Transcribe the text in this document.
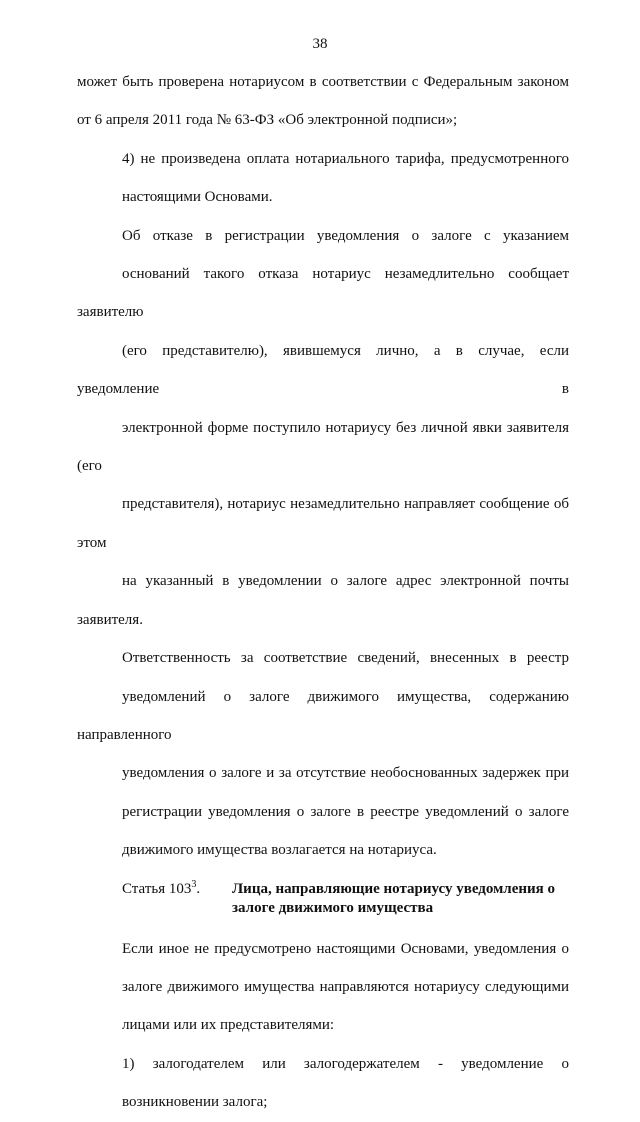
38

может быть проверена нотариусом в соответствии с Федеральным законом
от 6 апреля 2011 года № 63-ФЗ «Об электронной подписи»;

4) не произведена оплата нотариального тарифа, предусмотренного
настоящими Основами.

Об отказе в регистрации уведомления о залоге с указанием
оснований такого отказа нотариус незамедлительно сообщает заявителю
(его представителю), явившемуся лично, а в случае, если уведомление в
электронной форме поступило нотариусу без личной явки заявителя (его
представителя), нотариус незамедлительно направляет сообщение об этом
на указанный в уведомлении о залоге адрес электронной почты заявителя.

Ответственность за соответствие сведений, внесенных в реестр
уведомлений о залоге движимого имущества, содержанию направленного
уведомления о залоге и за отсутствие необоснованных задержек при
регистрации уведомления о залоге в реестре уведомлений о залоге
движимого имущества возлагается на нотариуса.

Статья $103^3$. Лица, направляющие нотариусу уведомления о
залоге движимого имущества

Если иное не предусмотрено настоящими Основами, уведомления о
залоге движимого имущества направляются нотариусу следующими
лицами или их представителями:

1) залогодателем или залогодержателем - уведомление о
возникновении залога;
